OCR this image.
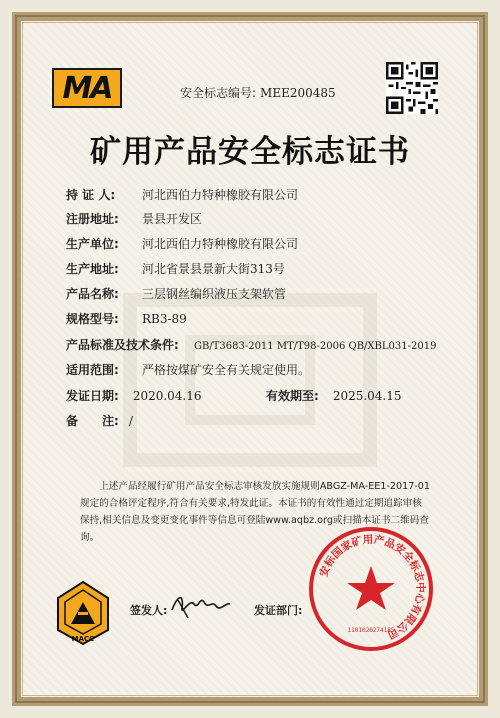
MA	安全标志编号: MEE200485
矿用产品安全标志证书
持 证 人: 河北西伯力特种橡胶有限公司
注册地址: 景县开发区
生产单位: 河北西伯力特种橡胶有限公司
生产地址: 河北省景县景新大街313号
产品名称: 三层钢丝编织液压支架软管
规格型号: RB3-89
产品标准及技术条件: GB/T3683-2011 MT/T98-2006 QB/XBL031-2019
适用范围: 严格按煤矿安全有关规定使用。
发证日期: 2020.04.16	有效期至: 2025.04.15
备　　注: /
上述产品经履行矿用产品安全标志审核发放实施规则ABGZ-MA-EE1-2017-01规定的合格评定程序,符合有关要求,特发此证。本证书的有效性通过定期追踪审核保持,相关信息及变更变化事件等信息可登陆www.aqbz.org或扫描本证书二维码查询。
MACC
签发人:	发证部门:
安标国家矿用产品安全标志中心有限公司
1101020274185
